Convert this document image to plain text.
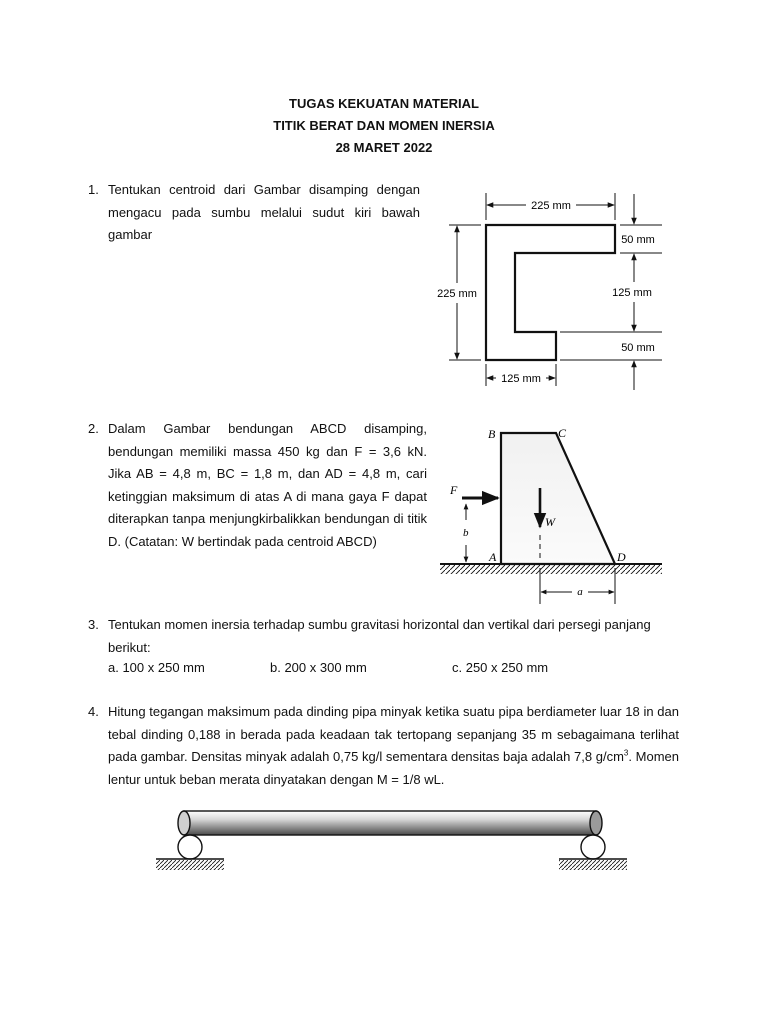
TUGAS KEKUATAN MATERIAL
TITIK BERAT DAN MOMEN INERSIA
28 MARET 2022
1. Tentukan centroid dari Gambar disamping dengan mengacu pada sumbu melalui sudut kiri bawah gambar
225 mm
225 mm
50 mm
125 mm
50 mm
125 mm
2. Dalam Gambar bendungan ABCD disamping, bendungan memiliki massa 450 kg dan F = 3,6 kN. Jika AB = 4,8 m, BC = 1,8 m, dan AD = 4,8 m, cari ketinggian maksimum di atas A di mana gaya F dapat diterapkan tanpa menjungkirbalikkan bendungan di titik D. (Catatan: W bertindak pada centroid ABCD)
B	C
A	D
F
b
W
a
3. Tentukan momen inersia terhadap sumbu gravitasi horizontal dan vertikal dari persegi panjang berikut:
a. 100 x 250 mm	b. 200 x 300 mm	c. 250 x 250 mm
4. Hitung tegangan maksimum pada dinding pipa minyak ketika suatu pipa berdiameter luar 18 in dan tebal dinding 0,188 in berada pada keadaan tak tertopang sepanjang 35 m sebagaimana terlihat pada gambar. Densitas minyak adalah 0,75 kg/l sementara densitas baja adalah 7,8 $g/cm^3$. Momen lentur untuk beban merata dinyatakan dengan M = 1/8 wL.
